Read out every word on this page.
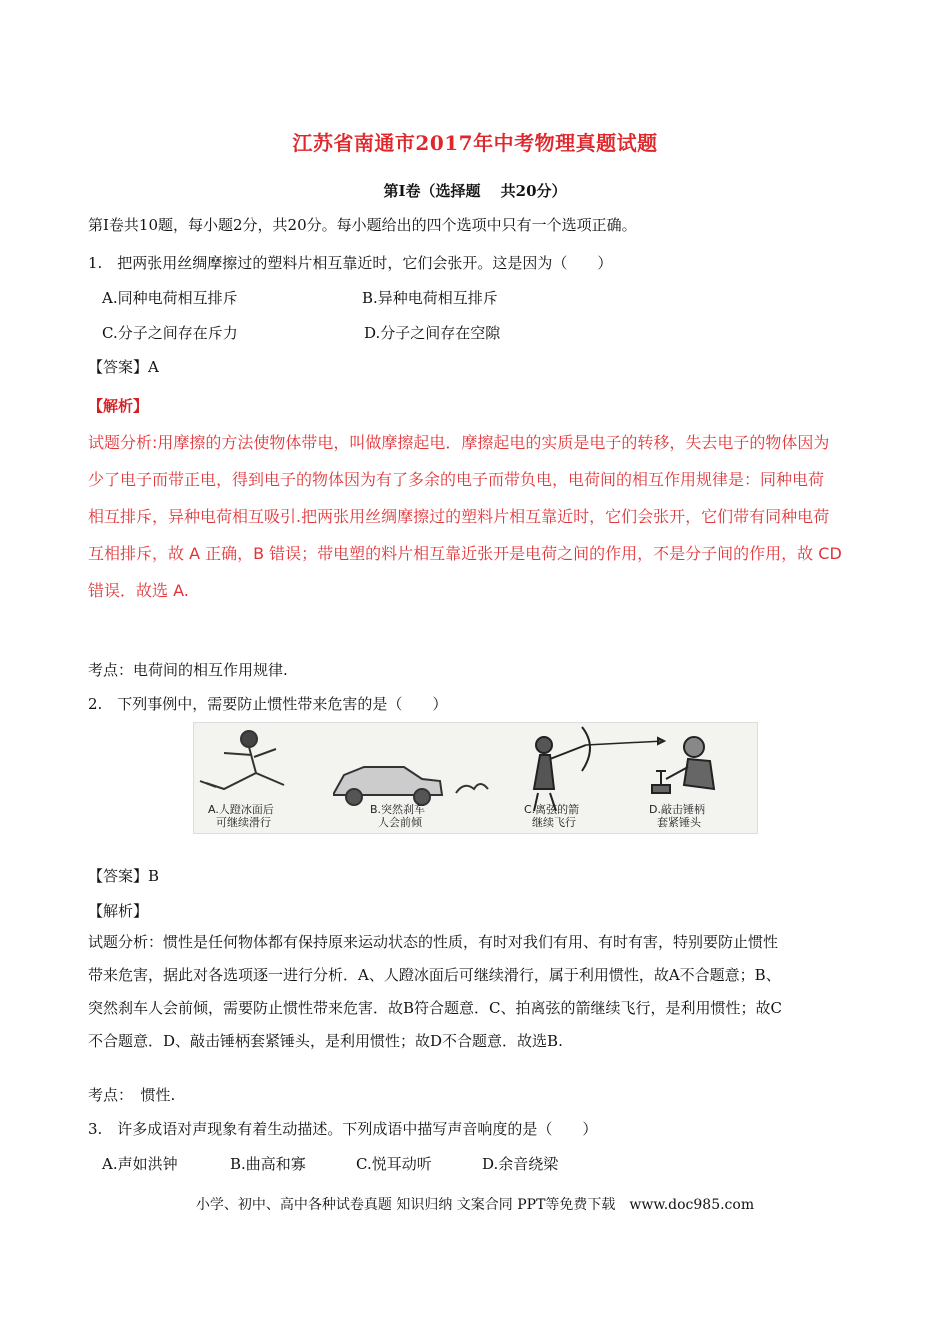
江苏省南通市2017年中考物理真题试题
第Ⅰ卷（选择题　 共20分）
第Ⅰ卷共10题，每小题2分，共20分。每小题给出的四个选项中只有一个选项正确。
1.　把两张用丝绸摩擦过的塑料片相互靠近时，它们会张开。这是因为（　　）
A.同种电荷相互排斥	B.异种电荷相互排斥
C.分子之间存在斥力	D.分子之间存在空隙
【答案】A
【解析】
试题分析:用摩擦的方法使物体带电，叫做摩擦起电．摩擦起电的实质是电子的转移，失去电子的物体因为
少了电子而带正电，得到电子的物体因为有了多余的电子而带负电，电荷间的相互作用规律是：同种电荷
相互排斥，异种电荷相互吸引.把两张用丝绸摩擦过的塑料片相互靠近时，它们会张开，它们带有同种电荷
互相排斥，故 A 正确，B 错误；带电塑的料片相互靠近张开是电荷之间的作用，不是分子间的作用，故 CD
错误．故选 A.
考点：电荷间的相互作用规律.
2.　下列事例中，需要防止惯性带来危害的是（　　）
A.人蹬冰面后
可继续滑行
B.突然刹车
人会前倾
C.离弦的箭
继续飞行
D.敲击锤柄
套紧锤头
【答案】B
【解析】
试题分析：惯性是任何物体都有保持原来运动状态的性质，有时对我们有用、有时有害，特别要防止惯性
带来危害，据此对各选项逐一进行分析．A、人蹬冰面后可继续滑行，属于利用惯性，故A不合题意；B、
突然刹车人会前倾，需要防止惯性带来危害．故B符合题意．C、拍离弦的箭继续飞行，是利用惯性；故C
不合题意．D、敲击锤柄套紧锤头，是利用惯性；故D不合题意．故选B.
考点：　惯性.
3.　许多成语对声现象有着生动描述。下列成语中描写声音响度的是（　　）
A.声如洪钟	B.曲高和寡	C.悦耳动听	D.余音绕梁
小学、初中、高中各种试卷真题 知识归纳 文案合同 PPT等免费下载　www.doc985.com
